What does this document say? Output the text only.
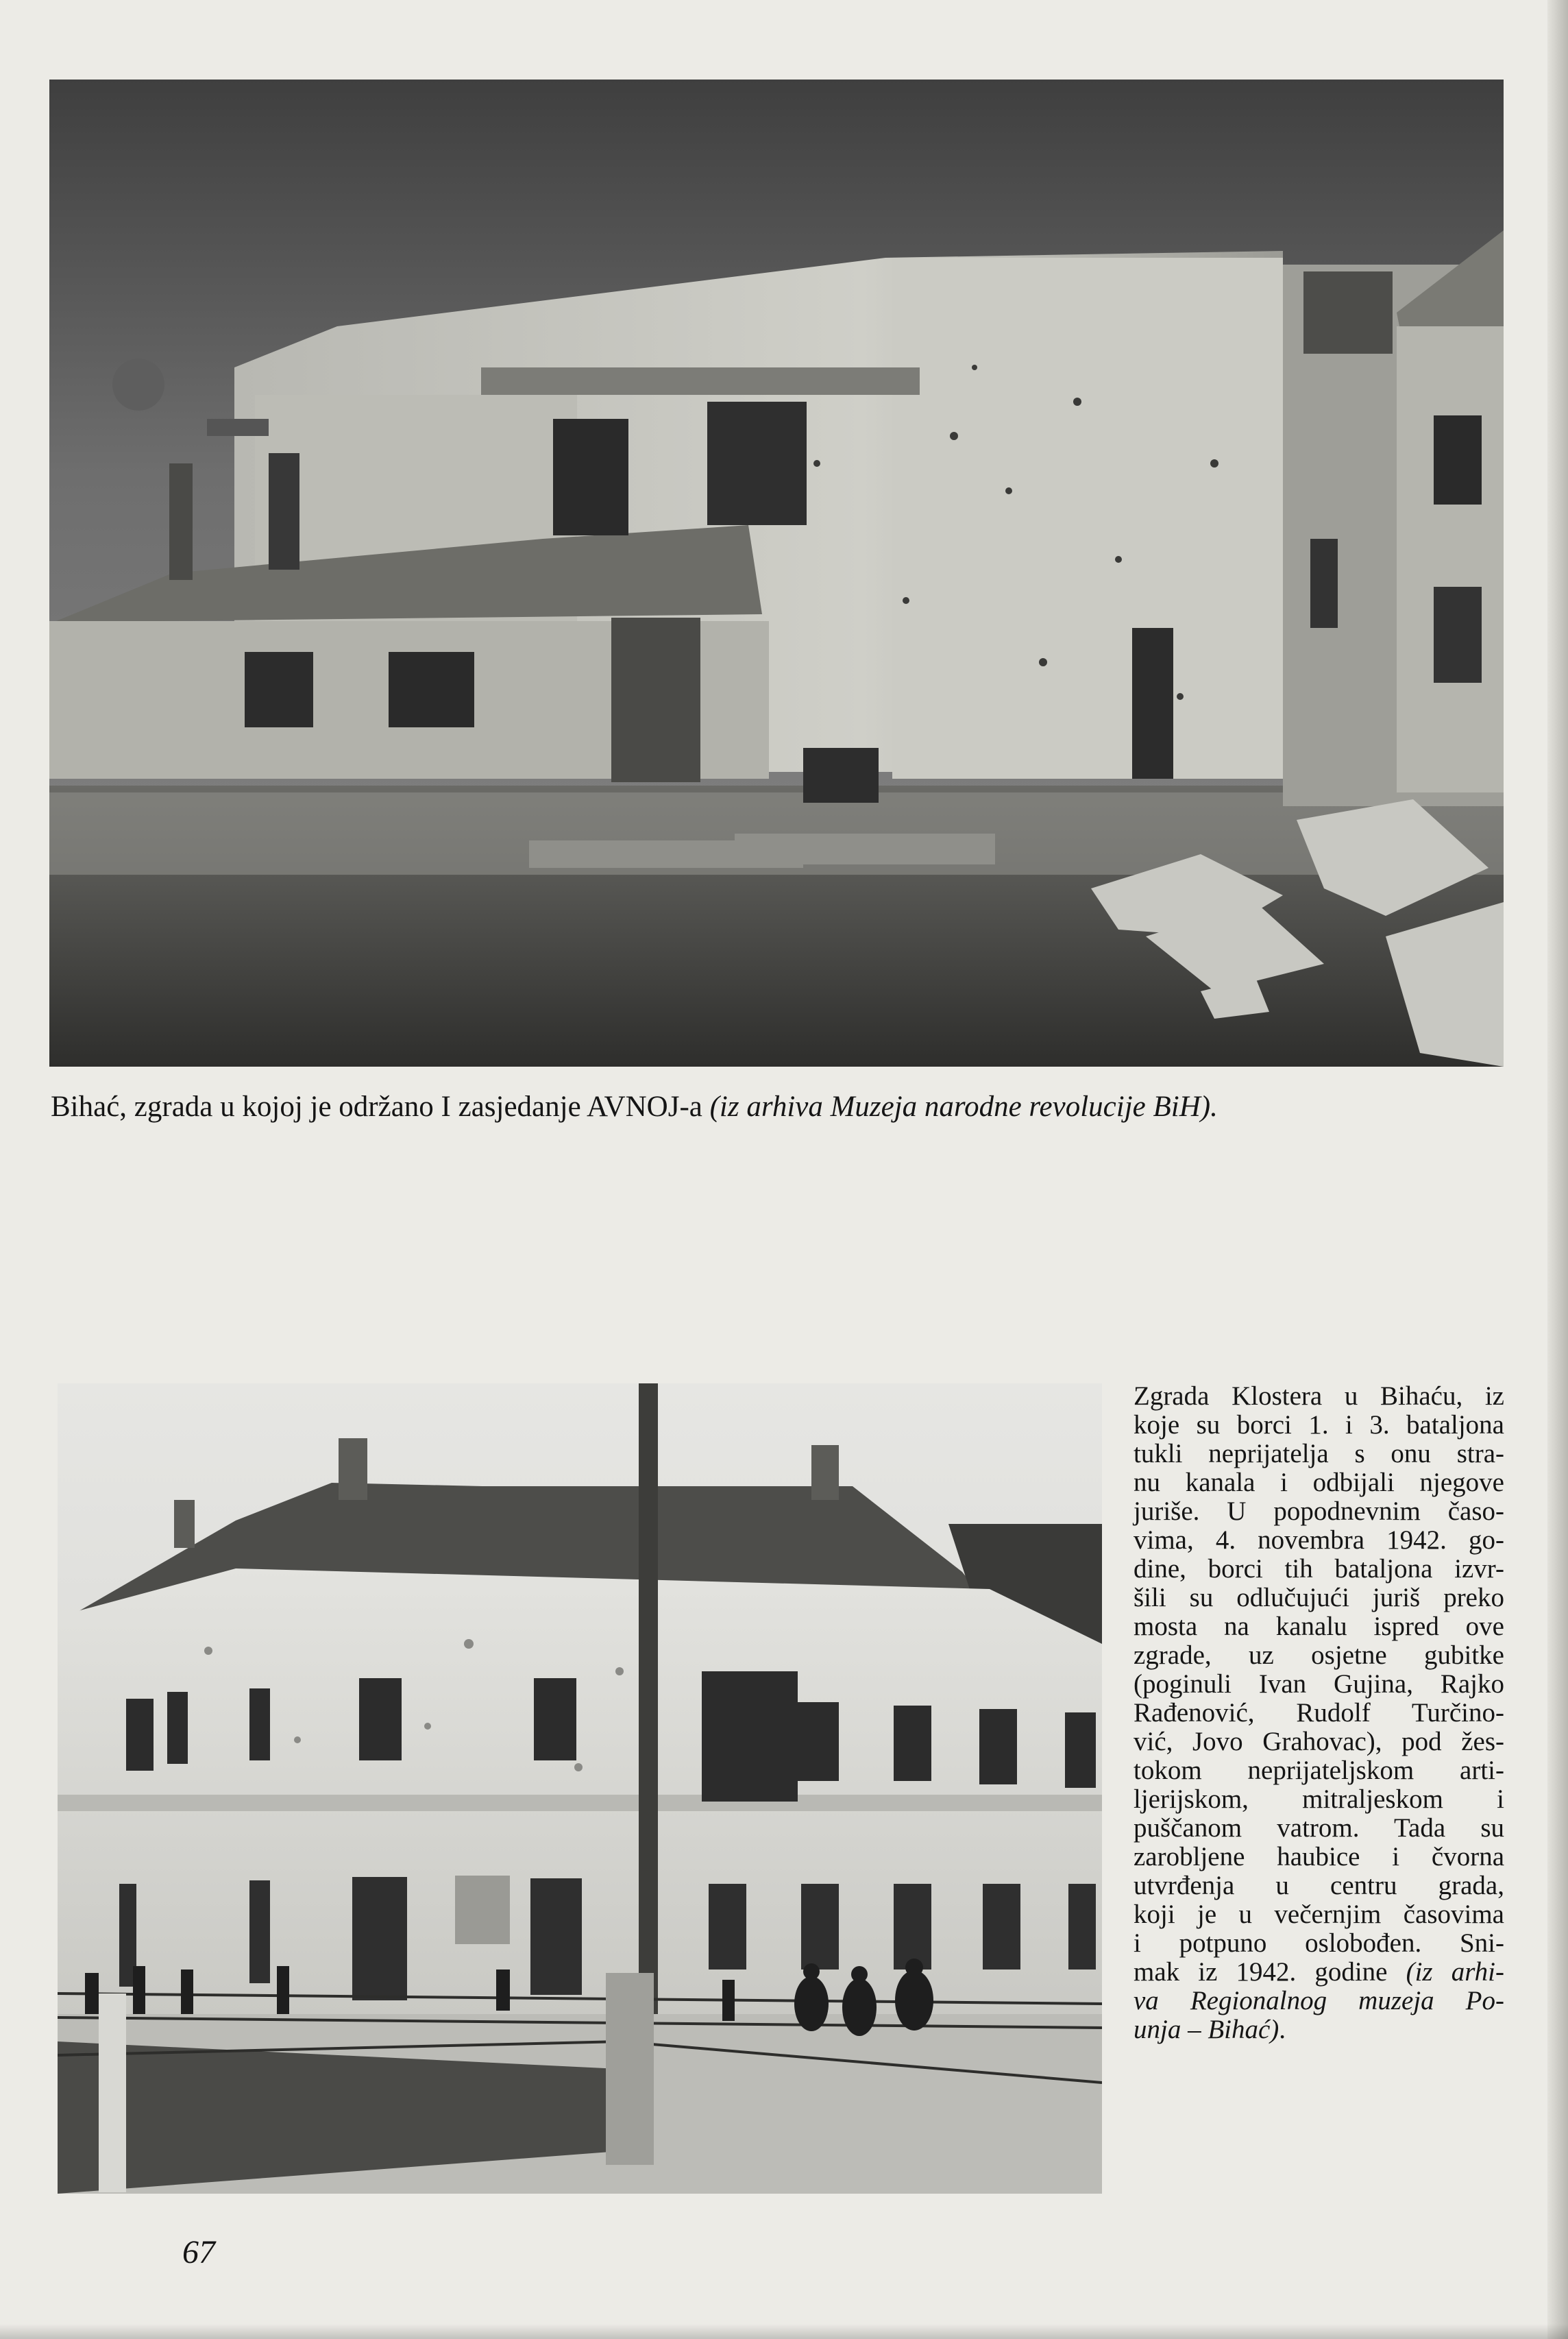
Bihać, zgrada u kojoj je održano I zasjedanje AVNOJ-a (iz arhiva Muzeja narodne revolucije BiH).
Zgrada Klostera u Bihaću, iz
koje su borci 1. i 3. bataljona
tukli neprijatelja s onu stra-
nu kanala i odbijali njegove
juriše. U popodnevnim časo-
vima, 4. novembra 1942. go-
dine, borci tih bataljona izvr-
šili su odlučujući juriš preko
mosta na kanalu ispred ove
zgrade, uz osjetne gubitke
(poginuli Ivan Gujina, Rajko
Rađenović, Rudolf Turčino-
vić, Jovo Grahovac), pod žes-
tokom neprijateljskom arti-
ljerijskom, mitraljeskom i
puščanom vatrom. Tada su
zarobljene haubice i čvorna
utvrđenja u centru grada,
koji je u večernjim časovima
i potpuno oslobođen. Sni-
mak iz 1942. godine (iz arhi-
va Regionalnog muzeja Po-
unja – Bihać).
67
